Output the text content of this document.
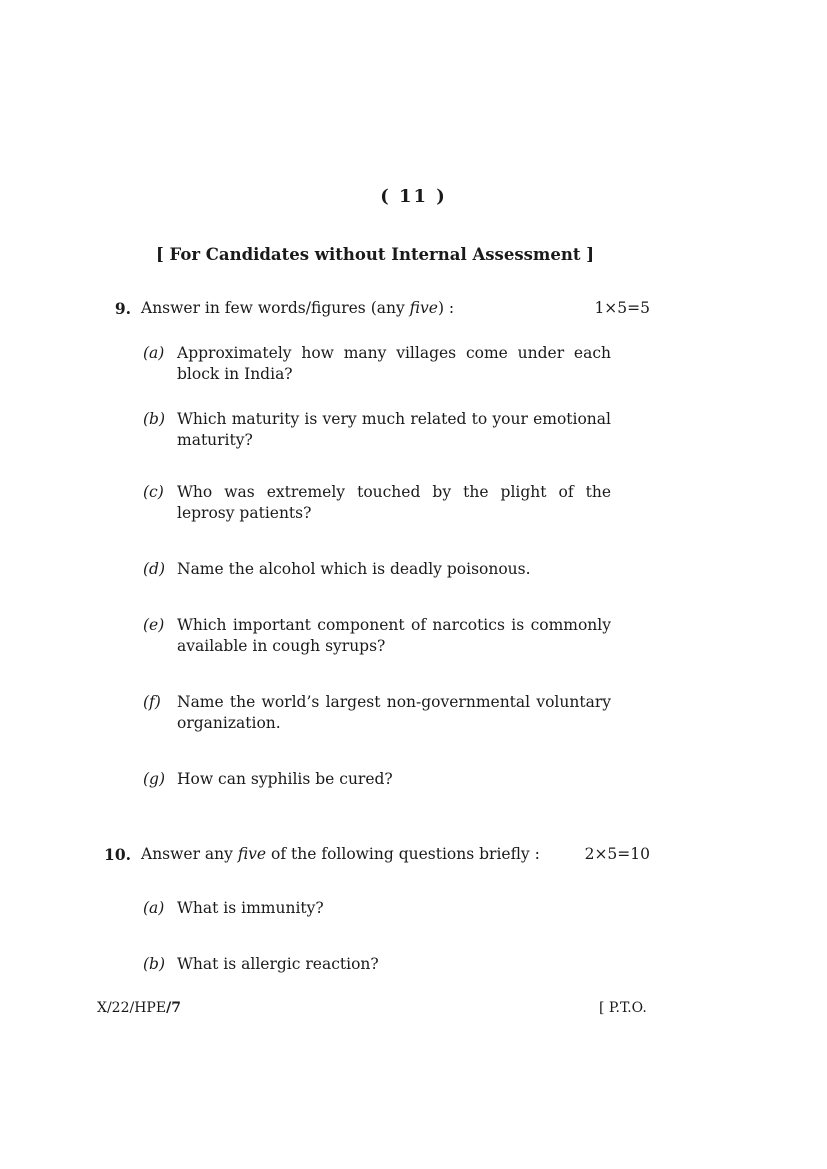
( 11 )
[ For Candidates without Internal Assessment ]
9. Answer in few words/figures (any five) :	1×5=5
(a) Approximately how many villages come under each block in India?
(b) Which maturity is very much related to your emotional maturity?
(c) Who was extremely touched by the plight of the leprosy patients?
(d) Name the alcohol which is deadly poisonous.
(e) Which important component of narcotics is commonly available in cough syrups?
(f) Name the world’s largest non-governmental voluntary organization.
(g) How can syphilis be cured?
10. Answer any five of the following questions briefly :	2×5=10
(a) What is immunity?
(b) What is allergic reaction?
X/22/HPE/7	[ P.T.O.
